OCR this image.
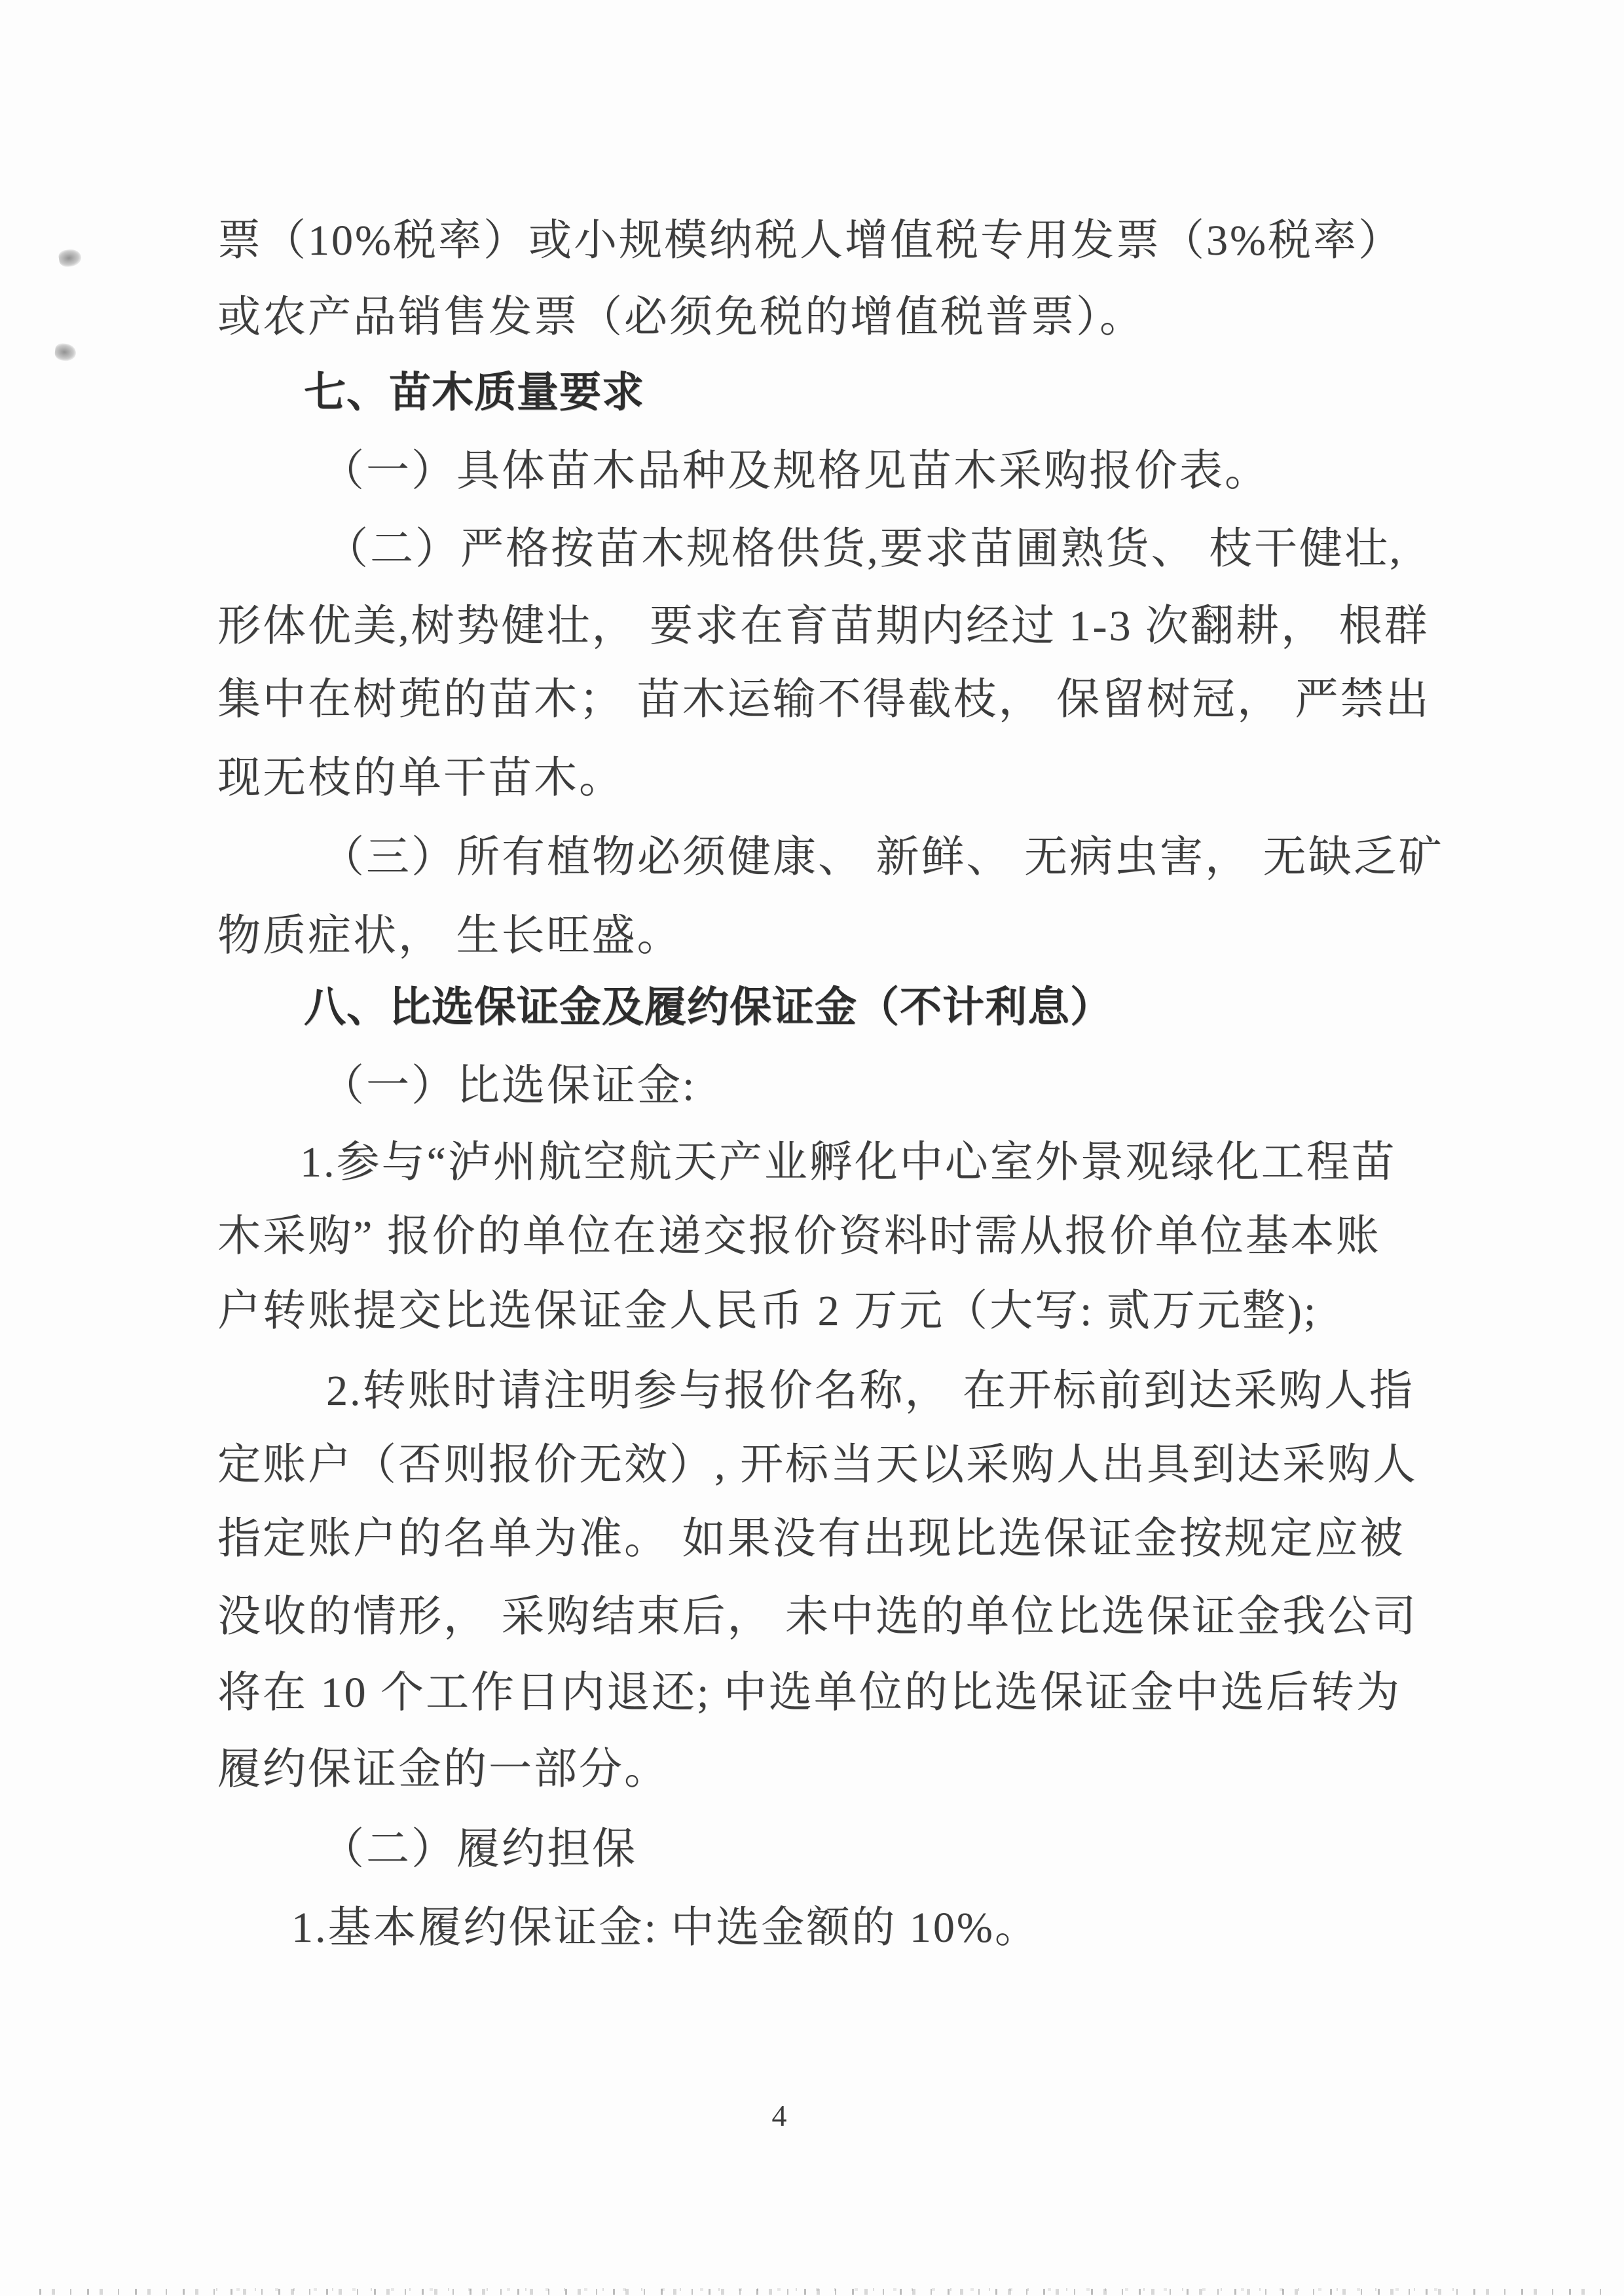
票（10%税率）或小规模纳税人增值税专用发票（3%税率）
或农产品销售发票（必须免税的增值税普票）。
七、苗木质量要求
（一）具体苗木品种及规格见苗木采购报价表。
（二）严格按苗木规格供货,要求苗圃熟货、 枝干健壮,
形体优美,树势健壮， 要求在育苗期内经过 1-3 次翻耕， 根群
集中在树蔸的苗木； 苗木运输不得截枝， 保留树冠， 严禁出
现无枝的单干苗木。
（三）所有植物必须健康、 新鲜、 无病虫害， 无缺乏矿
物质症状， 生长旺盛。
八、比选保证金及履约保证金（不计利息）
（一）比选保证金:
1.参与“泸州航空航天产业孵化中心室外景观绿化工程苗
木采购” 报价的单位在递交报价资料时需从报价单位基本账
户转账提交比选保证金人民币 2 万元（大写: 贰万元整);
2.转账时请注明参与报价名称， 在开标前到达采购人指
定账户（否则报价无效）, 开标当天以采购人出具到达采购人
指定账户的名单为准。 如果没有出现比选保证金按规定应被
没收的情形， 采购结束后， 未中选的单位比选保证金我公司
将在 10 个工作日内退还; 中选单位的比选保证金中选后转为
履约保证金的一部分。
（二）履约担保
1.基本履约保证金: 中选金额的 10%。
4
